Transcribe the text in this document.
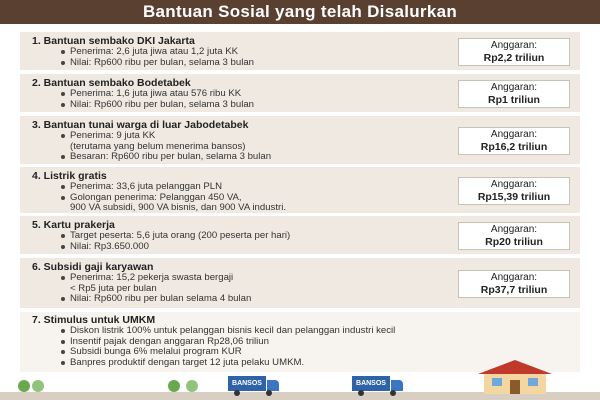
Bantuan Sosial yang telah Disalurkan
1. Bantuan sembako DKI Jakarta
Penerima: 2,6 juta jiwa atau 1,2 juta KK
Nilai: Rp600 ribu per bulan, selama 3 bulan
Anggaran:
Rp2,2 triliun
2. Bantuan sembako Bodetabek
Penerima: 1,6 juta jiwa atau 576 ribu KK
Nilai: Rp600 ribu per bulan, selama 3 bulan
Anggaran:
Rp1 triliun
3. Bantuan tunai warga di luar Jabodetabek
Penerima: 9 juta KK
(terutama yang belum menerima bansos)
Besaran: Rp600 ribu per bulan, selama 3 bulan
Anggaran:
Rp16,2 triliun
4. Listrik gratis
Penerima: 33,6 juta pelanggan PLN
Golongan penerima: Pelanggan 450 VA,
900 VA subsidi, 900 VA bisnis, dan 900 VA industri.
Anggaran:
Rp15,39 triliun
5. Kartu prakerja
Target peserta: 5,6 juta orang (200 peserta per hari)
Nilai: Rp3.650.000
Anggaran:
Rp20 triliun
6. Subsidi gaji karyawan
Penerima: 15,2 pekerja swasta bergaji
< Rp5 juta per bulan
Nilai: Rp600 ribu per bulan selama 4 bulan
Anggaran:
Rp37,7 triliun
7. Stimulus untuk UMKM
Diskon listrik 100% untuk pelanggan bisnis kecil dan pelanggan industri kecil
Insentif pajak dengan anggaran Rp28,06 triliun
Subsidi bunga 6% melalui program KUR
Banpres produktif dengan target 12 juta pelaku UMKM.
BANSOS	BANSOS
